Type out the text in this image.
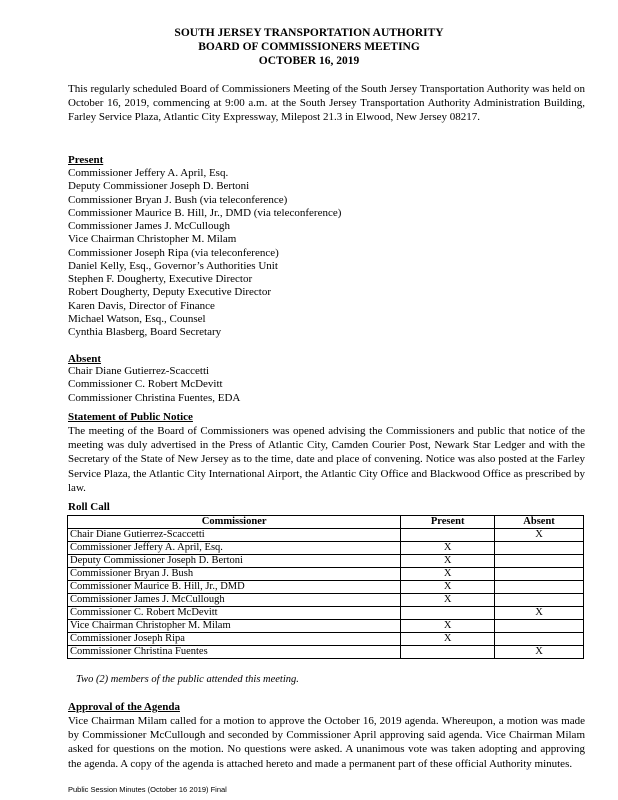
SOUTH JERSEY TRANSPORTATION AUTHORITY
BOARD OF COMMISSIONERS MEETING
OCTOBER 16, 2019

This regularly scheduled Board of Commissioners Meeting of the South Jersey Transportation Authority was held on October 16, 2019, commencing at 9:00 a.m. at the South Jersey Transportation Authority Administration Building, Farley Service Plaza, Atlantic City Expressway, Milepost 21.3 in Elwood, New Jersey 08217.

Present

Commissioner Jeffery A. April, Esq.
Deputy Commissioner Joseph D. Bertoni
Commissioner Bryan J. Bush (via teleconference)
Commissioner Maurice B. Hill, Jr., DMD (via teleconference)
Commissioner James J. McCullough
Vice Chairman Christopher M. Milam
Commissioner Joseph Ripa (via teleconference)
Daniel Kelly, Esq., Governor’s Authorities Unit
Stephen F. Dougherty, Executive Director
Robert Dougherty, Deputy Executive Director
Karen Davis, Director of Finance
Michael Watson, Esq., Counsel
Cynthia Blasberg, Board Secretary

Absent

Chair Diane Gutierrez-Scaccetti
Commissioner C. Robert McDevitt
Commissioner Christina Fuentes, EDA

Statement of Public Notice

The meeting of the Board of Commissioners was opened advising the Commissioners and public that notice of the meeting was duly advertised in the Press of Atlantic City, Camden Courier Post, Newark Star Ledger and with the Secretary of the State of New Jersey as to the time, date and place of convening. Notice was also posted at the Farley Service Plaza, the Atlantic City International Airport, the Atlantic City Office and Blackwood Office as prescribed by law.

Roll Call

Commissioner	Present	Absent
Chair Diane Gutierrez-Scaccetti		X
Commissioner Jeffery A. April, Esq.	X	
Deputy Commissioner Joseph D. Bertoni	X	
Commissioner Bryan J. Bush	X	
Commissioner Maurice B. Hill, Jr., DMD	X	
Commissioner James J. McCullough	X	
Commissioner C. Robert McDevitt		X
Vice Chairman Christopher M. Milam	X	
Commissioner Joseph Ripa	X	
Commissioner Christina Fuentes		X

Two (2) members of the public attended this meeting.

Approval of the Agenda

Vice Chairman Milam called for a motion to approve the October 16, 2019 agenda. Whereupon, a motion was made by Commissioner McCullough and seconded by Commissioner April approving said agenda. Vice Chairman Milam asked for questions on the motion. No questions were asked. A unanimous vote was taken adopting and approving the agenda. A copy of the agenda is attached hereto and made a permanent part of these official Authority minutes.

Public Session Minutes (October 16 2019) Final
